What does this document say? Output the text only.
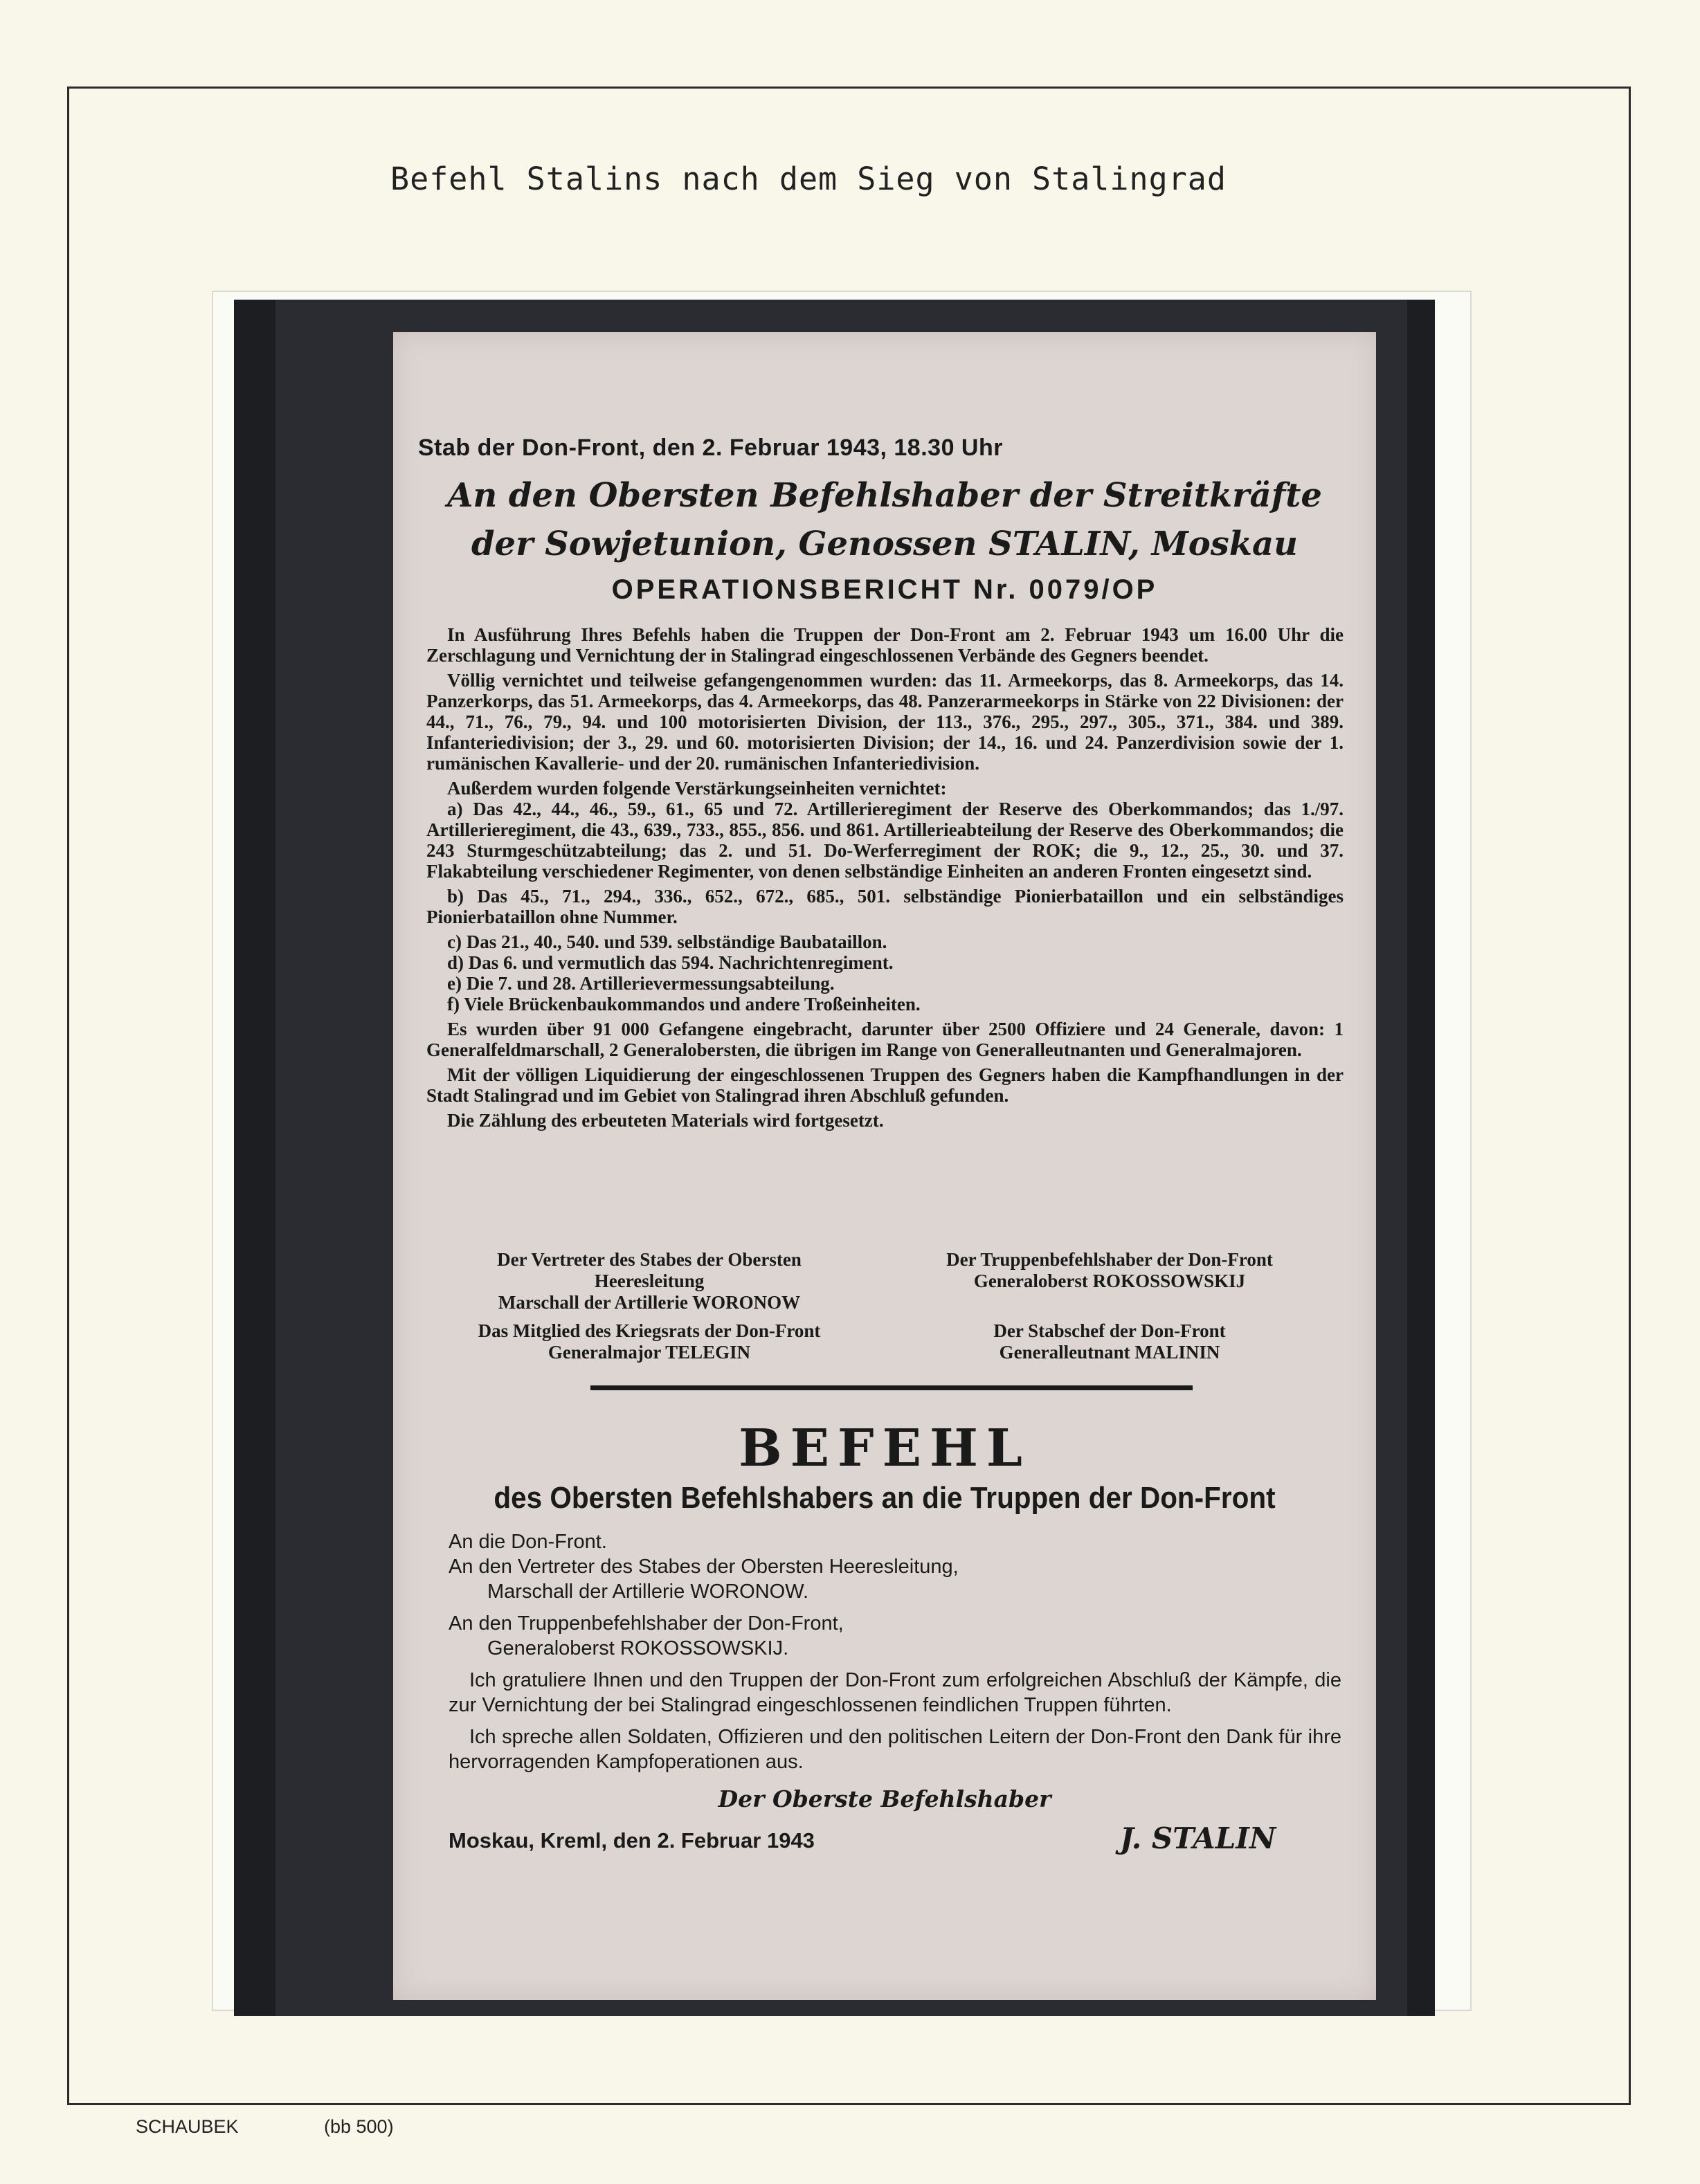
Befehl Stalins nach dem Sieg von Stalingrad
Stab der Don-Front, den 2. Februar 1943, 18.30 Uhr
An den Obersten Befehlshaber der Streitkräfte
der Sowjetunion, Genossen STALIN, Moskau
OPERATIONSBERICHT Nr. 0079/OP

In Ausführung Ihres Befehls haben die Truppen der Don-Front am 2. Februar 1943 um 16.00 Uhr die Zerschlagung und Vernichtung der in Stalingrad eingeschlossenen Verbände des Gegners beendet.

Völlig vernichtet und teilweise gefangengenommen wurden: das 11. Armeekorps, das 8. Armeekorps, das 14. Panzerkorps, das 51. Armeekorps, das 4. Armeekorps, das 48. Panzerarmeekorps in Stärke von 22 Divisionen: der 44., 71., 76., 79., 94. und 100 motorisierten Division, der 113., 376., 295., 297., 305., 371., 384. und 389. Infanteriedivision; der 3., 29. und 60. motorisierten Division; der 14., 16. und 24. Panzerdivision sowie der 1. rumänischen Kavallerie- und der 20. rumänischen Infanteriedivision.

Außerdem wurden folgende Verstärkungseinheiten vernichtet:

a) Das 42., 44., 46., 59., 61., 65 und 72. Artillerieregiment der Reserve des Oberkommandos; das 1./97. Artillerieregiment, die 43., 639., 733., 855., 856. und 861. Artillerieabteilung der Reserve des Oberkommandos; die 243 Sturmgeschützabteilung; das 2. und 51. Do-Werferregiment der ROK; die 9., 12., 25., 30. und 37. Flakabteilung verschiedener Regimenter, von denen selbständige Einheiten an anderen Fronten eingesetzt sind.

b) Das 45., 71., 294., 336., 652., 672., 685., 501. selbständige Pionierbataillon und ein selbständiges Pionierbataillon ohne Nummer.

c) Das 21., 40., 540. und 539. selbständige Baubataillon.

d) Das 6. und vermutlich das 594. Nachrichtenregiment.

e) Die 7. und 28. Artillerievermessungsabteilung.

f) Viele Brückenbaukommandos und andere Troßeinheiten.

Es wurden über 91 000 Gefangene eingebracht, darunter über 2500 Offiziere und 24 Generale, davon: 1 Generalfeldmarschall, 2 Generalobersten, die übrigen im Range von Generalleutnanten und Generalmajoren.

Mit der völligen Liquidierung der eingeschlossenen Truppen des Gegners haben die Kampfhandlungen in der Stadt Stalingrad und im Gebiet von Stalingrad ihren Abschluß gefunden.

Die Zählung des erbeuteten Materials wird fortgesetzt.

Der Vertreter des Stabes der Obersten
Heeresleitung
Marschall der Artillerie WORONOW
Der Truppenbefehlshaber der Don-Front
Generaloberst ROKOSSOWSKIJ
Das Mitglied des Kriegsrats der Don-Front
Generalmajor TELEGIN
Der Stabschef der Don-Front
Generalleutnant MALININ
BEFEHL
des Obersten Befehlshabers an die Truppen der Don-Front

An die Don-Front.

An den Vertreter des Stabes der Obersten Heeresleitung,

Marschall der Artillerie WORONOW.

An den Truppenbefehlshaber der Don-Front,

Generaloberst ROKOSSOWSKIJ.

Ich gratuliere Ihnen und den Truppen der Don-Front zum erfolgreichen Abschluß der Kämpfe, die zur Vernichtung der bei Stalingrad eingeschlossenen feindlichen Truppen führten.

Ich spreche allen Soldaten, Offizieren und den politischen Leitern der Don-Front den Dank für ihre hervorragenden Kampfoperationen aus.

Der Oberste Befehlshaber
Moskau, Kreml, den 2. Februar 1943	J. STALIN
SCHAUBEK	(bb 500)
